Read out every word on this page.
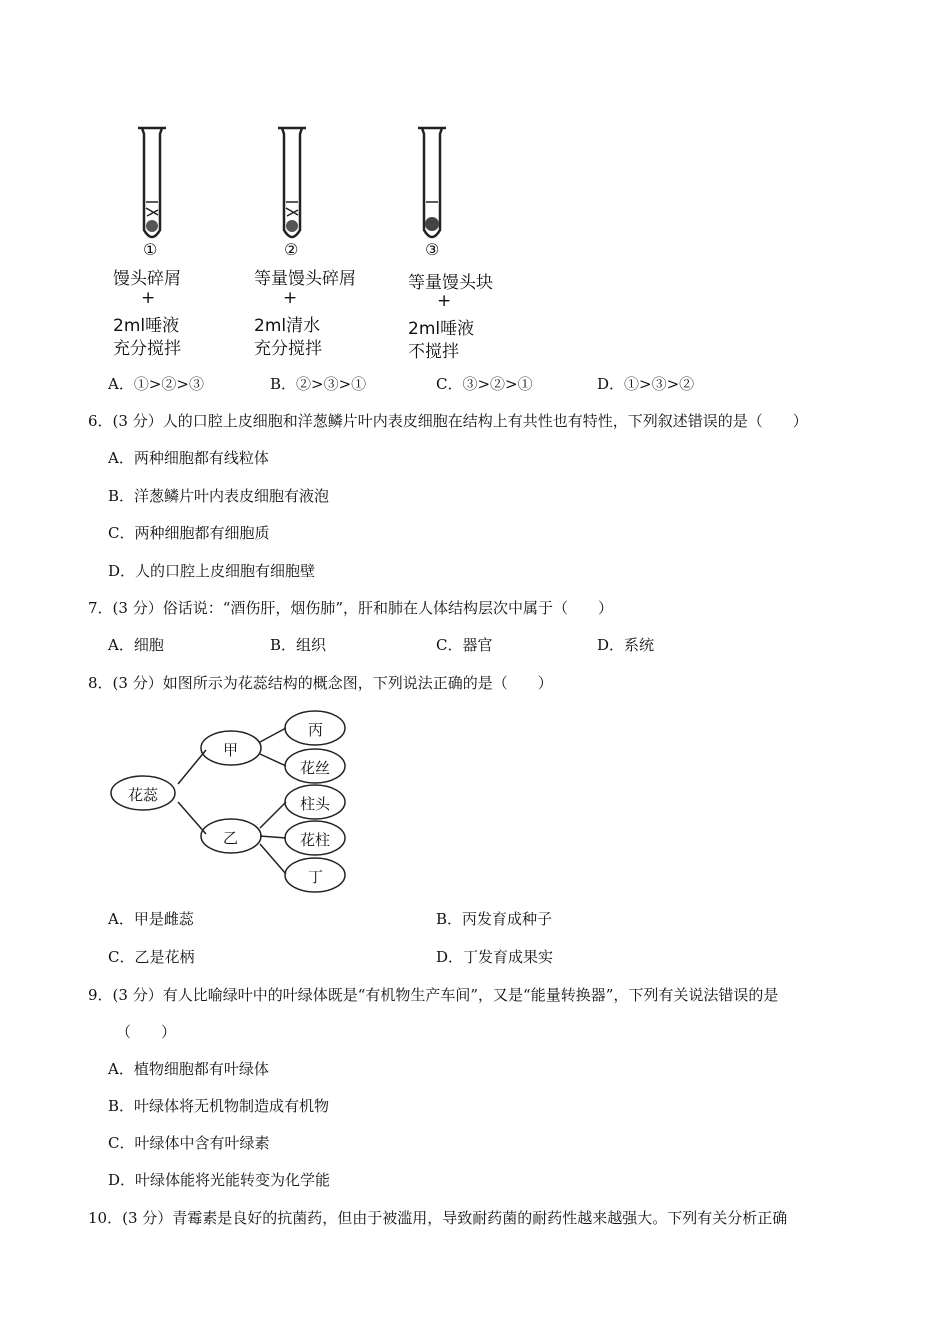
①
馒头碎屑
+
2ml唾液
充分搅拌
②
等量馒头碎屑
+
2ml清水
充分搅拌
③
等量馒头块
+
2ml唾液
不搅拌
A．①>②>③	B．②>③>①	C．③>②>①	D．①>③>②
6．(3 分）人的口腔上皮细胞和洋葱鳞片叶内表皮细胞在结构上有共性也有特性，下列叙述错误的是（　　）
A．两种细胞都有线粒体
B．洋葱鳞片叶内表皮细胞有液泡
C．两种细胞都有细胞质
D．人的口腔上皮细胞有细胞壁
7．(3 分）俗话说：“酒伤肝，烟伤肺”，肝和肺在人体结构层次中属于（　　）
A．细胞	B．组织	C．器官	D．系统
8．(3 分）如图所示为花蕊结构的概念图，下列说法正确的是（　　）
花蕊
甲
乙
丙
花丝
柱头
花柱
丁
A．甲是雌蕊	B．丙发育成种子
C．乙是花柄	D．丁发育成果实
9．(3 分）有人比喻绿叶中的叶绿体既是“有机物生产车间”，又是“能量转换器”，下列有关说法错误的是
（　　）
A．植物细胞都有叶绿体
B．叶绿体将无机物制造成有机物
C．叶绿体中含有叶绿素
D．叶绿体能将光能转变为化学能
10．(3 分）青霉素是良好的抗菌药，但由于被滥用，导致耐药菌的耐药性越来越强大。下列有关分析正确
